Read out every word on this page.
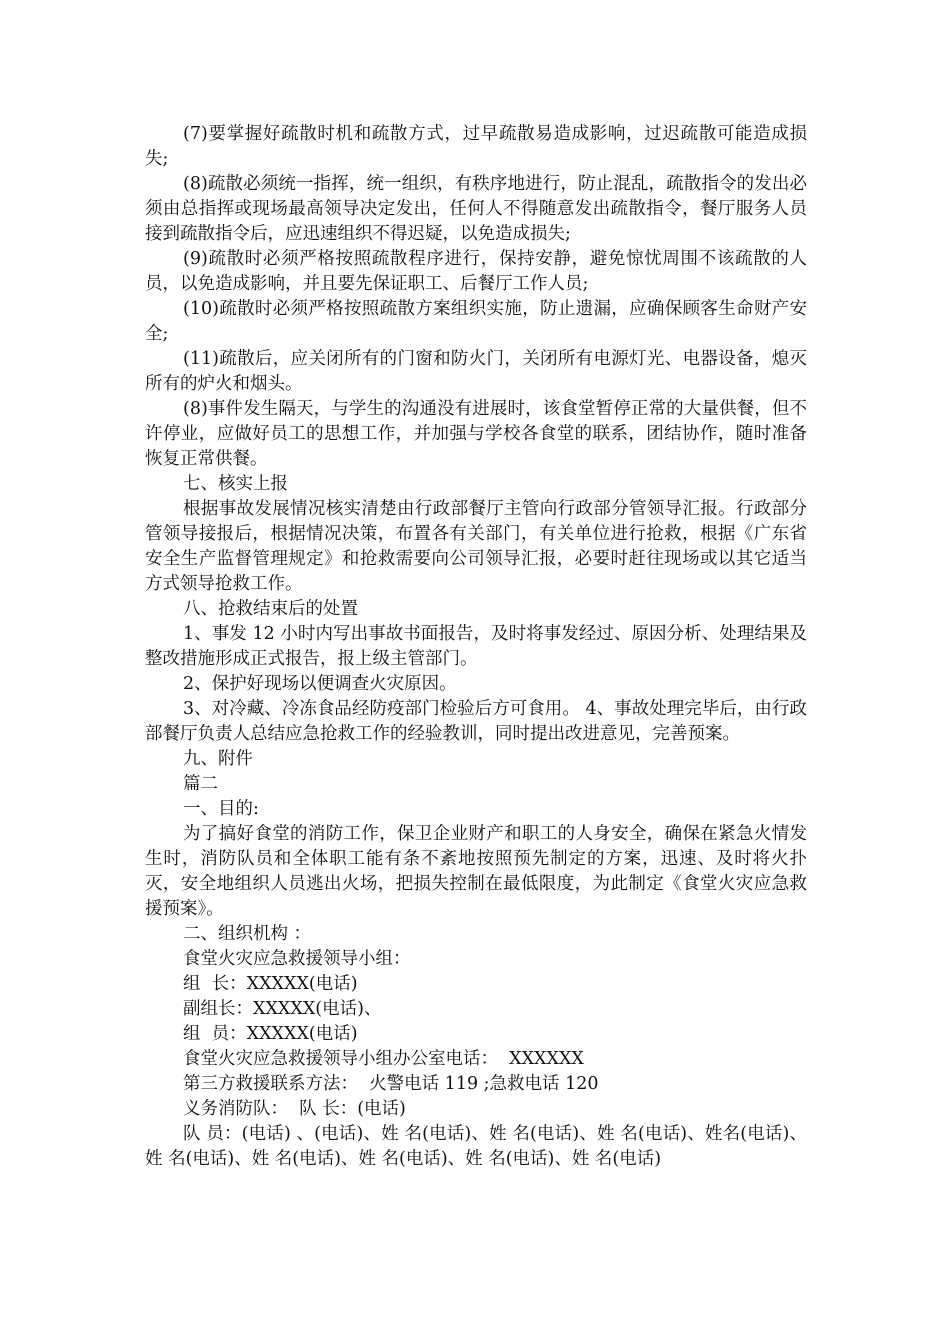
(7)要掌握好疏散时机和疏散方式，过早疏散易造成影响，过迟疏散可能造成损失;

(8)疏散必须统一指挥，统一组织，有秩序地进行，防止混乱，疏散指令的发出必须由总指挥或现场最高领导决定发出，任何人不得随意发出疏散指令，餐厅服务人员接到疏散指令后，应迅速组织不得迟疑，以免造成损失;

(9)疏散时必须严格按照疏散程序进行，保持安静，避免惊忧周围不该疏散的人员，以免造成影响，并且要先保证职工、后餐厅工作人员;

(10)疏散时必须严格按照疏散方案组织实施，防止遗漏，应确保顾客生命财产安全;

(11)疏散后，应关闭所有的门窗和防火门，关闭所有电源灯光、电器设备，熄灭所有的炉火和烟头。

(8)事件发生隔天，与学生的沟通没有进展时，该食堂暂停正常的大量供餐，但不许停业，应做好员工的思想工作，并加强与学校各食堂的联系，团结协作，随时准备恢复正常供餐。

七、核实上报

根据事故发展情况核实清楚由行政部餐厅主管向行政部分管领导汇报。行政部分管领导接报后，根据情况决策，布置各有关部门，有关单位进行抢救，根据《广东省安全生产监督管理规定》和抢救需要向公司领导汇报，必要时赶往现场或以其它适当方式领导抢救工作。

八、抢救结束后的处置

1、事发 12 小时内写出事故书面报告，及时将事发经过、原因分析、处理结果及整改措施形成正式报告，报上级主管部门。

2、保护好现场以便调查火灾原因。

3、对冷藏、冷冻食品经防疫部门检验后方可食用。 4、事故处理完毕后，由行政部餐厅负责人总结应急抢救工作的经验教训，同时提出改进意见，完善预案。

九、附件

篇二

一、目的:

为了搞好食堂的消防工作，保卫企业财产和职工的人身安全，确保在紧急火情发生时，消防队员和全体职工能有条不紊地按照预先制定的方案，迅速、及时将火扑灭，安全地组织人员逃出火场，把损失控制在最低限度，为此制定《食堂火灾应急救援预案》。

二、组织机构 ：

食堂火灾应急救援领导小组：

组  长：XXXXX(电话)

副组长：XXXXX(电话)、

组  员：XXXXX(电话)

食堂火灾应急救援领导小组办公室电话：  XXXXXX

第三方救援联系方法：  火警电话 119 ;急救电话 120

义务消防队：  队 长：(电话)

队 员：(电话) 、(电话)、姓 名(电话)、姓 名(电话)、姓 名(电话)、姓名(电话)、姓 名(电话)、姓 名(电话)、姓 名(电话)、姓 名(电话)、姓 名(电话)
